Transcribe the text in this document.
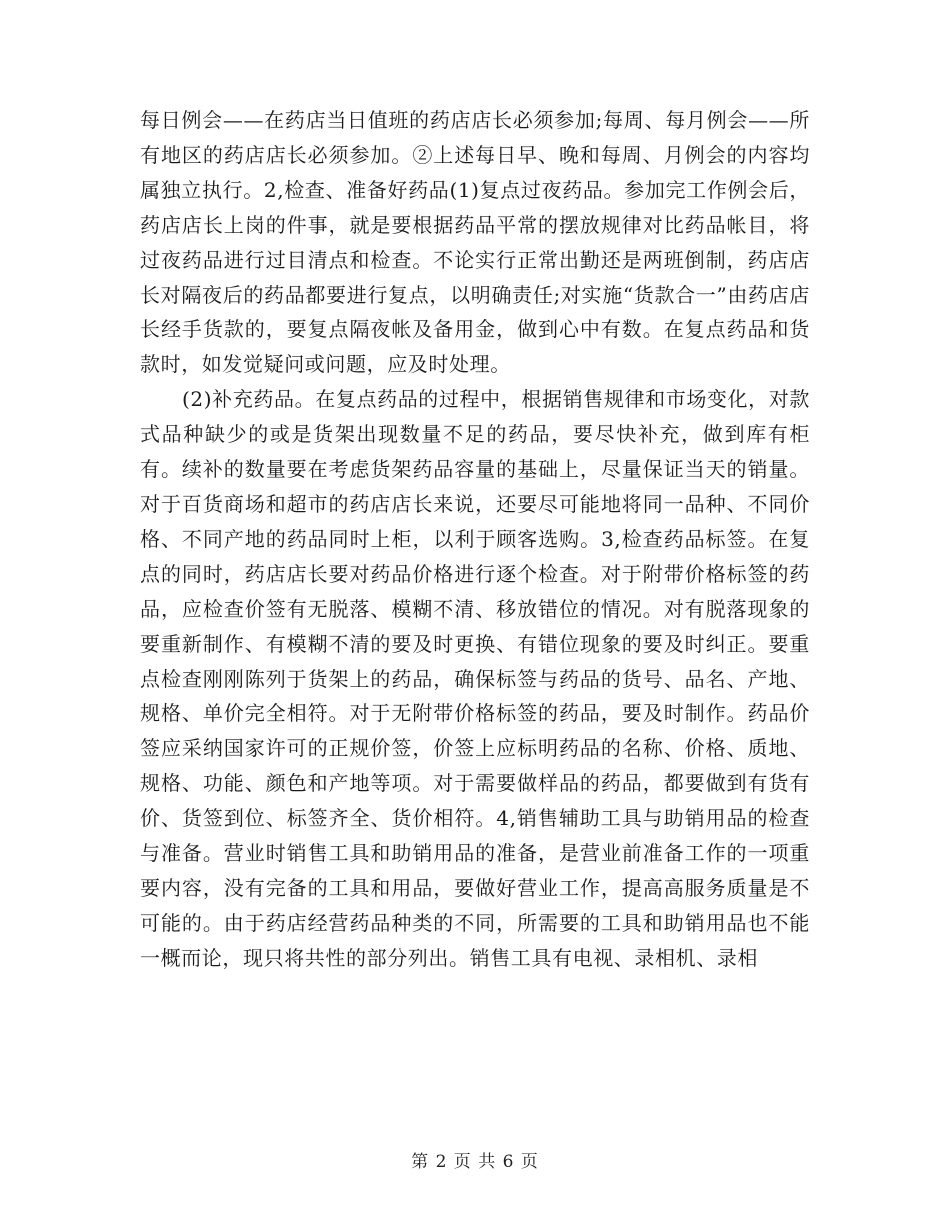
每日例会——在药店当日值班的药店店长必须参加;每周、每月例会——所有地区的药店店长必须参加。②上述每日早、晚和每周、月例会的内容均属独立执行。2,检查、准备好药品(1)复点过夜药品。参加完工作例会后，药店店长上岗的件事，就是要根据药品平常的摆放规律对比药品帐目，将过夜药品进行过目清点和检查。不论实行正常出勤还是两班倒制，药店店长对隔夜后的药品都要进行复点，以明确责任;对实施“货款合一”由药店店长经手货款的，要复点隔夜帐及备用金，做到心中有数。在复点药品和货款时，如发觉疑问或问题，应及时处理。

(2)补充药品。在复点药品的过程中，根据销售规律和市场变化，对款式品种缺少的或是货架出现数量不足的药品，要尽快补充，做到库有柜有。续补的数量要在考虑货架药品容量的基础上，尽量保证当天的销量。对于百货商场和超市的药店店长来说，还要尽可能地将同一品种、不同价格、不同产地的药品同时上柜，以利于顾客选购。3,检查药品标签。在复点的同时，药店店长要对药品价格进行逐个检查。对于附带价格标签的药品，应检查价签有无脱落、模糊不清、移放错位的情况。对有脱落现象的要重新制作、有模糊不清的要及时更换、有错位现象的要及时纠正。要重点检查刚刚陈列于货架上的药品，确保标签与药品的货号、品名、产地、规格、单价完全相符。对于无附带价格标签的药品，要及时制作。药品价签应采纳国家许可的正规价签，价签上应标明药品的名称、价格、质地、规格、功能、颜色和产地等项。对于需要做样品的药品，都要做到有货有价、货签到位、标签齐全、货价相符。4,销售辅助工具与助销用品的检查与准备。营业时销售工具和助销用品的准备，是营业前准备工作的一项重要内容，没有完备的工具和用品，要做好营业工作，提高高服务质量是不可能的。由于药店经营药品种类的不同，所需要的工具和助销用品也不能一概而论，现只将共性的部分列出。销售工具有电视、录相机、录相

第 2 页 共 6 页
